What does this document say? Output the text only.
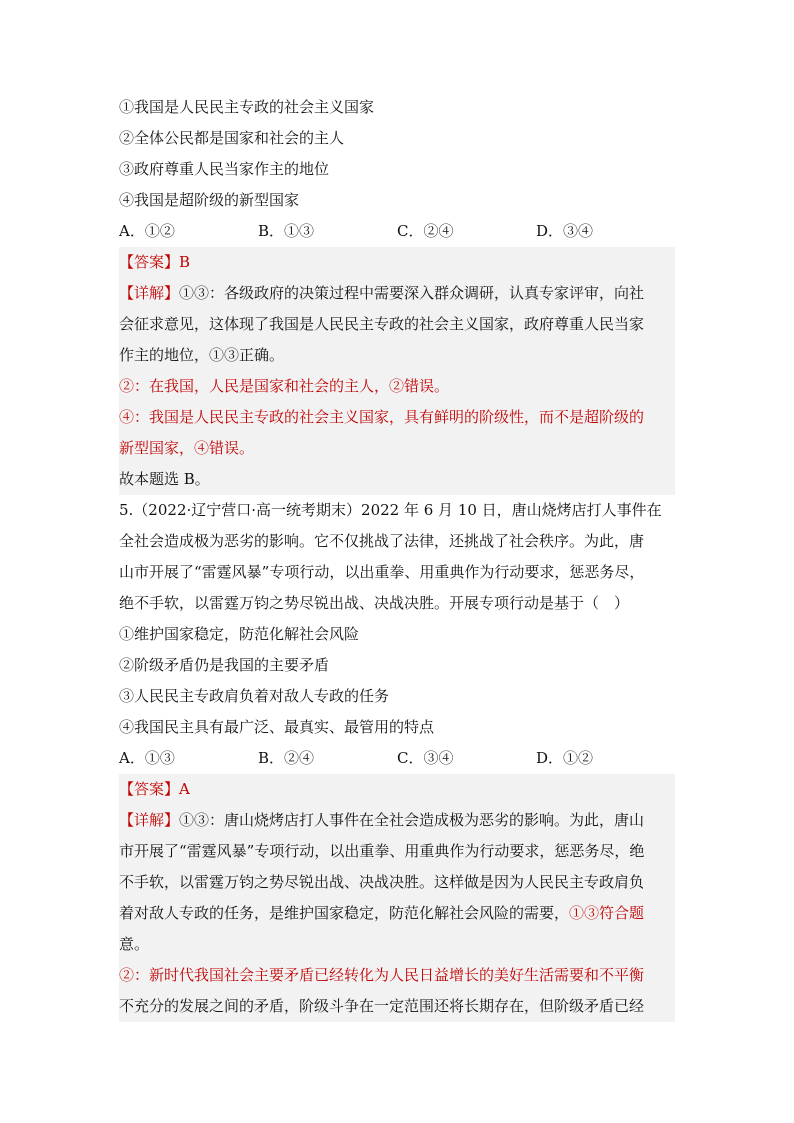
①我国是人民民主专政的社会主义国家
②全体公民都是国家和社会的主人
③政府尊重人民当家作主的地位
④我国是超阶级的新型国家
A．①②	B．①③	C．②④	D．③④
【答案】B
【详解】①③：各级政府的决策过程中需要深入群众调研，认真专家评审，向社
会征求意见，这体现了我国是人民民主专政的社会主义国家，政府尊重人民当家
作主的地位，①③正确。
②：在我国，人民是国家和社会的主人，②错误。
④：我国是人民民主专政的社会主义国家，具有鲜明的阶级性，而不是超阶级的
新型国家，④错误。
故本题选 B。
5.（2022·辽宁营口·高一统考期末）2022 年 6 月 10 日，唐山烧烤店打人事件在
全社会造成极为恶劣的影响。它不仅挑战了法律，还挑战了社会秩序。为此，唐
山市开展了“雷霆风暴”专项行动，以出重拳、用重典作为行动要求，惩恶务尽，
绝不手软，以雷霆万钧之势尽锐出战、决战决胜。开展专项行动是基于（　）
①维护国家稳定，防范化解社会风险
②阶级矛盾仍是我国的主要矛盾
③人民民主专政肩负着对敌人专政的任务
④我国民主具有最广泛、最真实、最管用的特点
A．①③	B．②④	C．③④	D．①②
【答案】A
【详解】①③：唐山烧烤店打人事件在全社会造成极为恶劣的影响。为此，唐山
市开展了“雷霆风暴”专项行动，以出重拳、用重典作为行动要求，惩恶务尽，绝
不手软，以雷霆万钧之势尽锐出战、决战决胜。这样做是因为人民民主专政肩负
着对敌人专政的任务，是维护国家稳定，防范化解社会风险的需要，①③符合题
意。
②：新时代我国社会主要矛盾已经转化为人民日益增长的美好生活需要和不平衡
不充分的发展之间的矛盾，阶级斗争在一定范围还将长期存在，但阶级矛盾已经
